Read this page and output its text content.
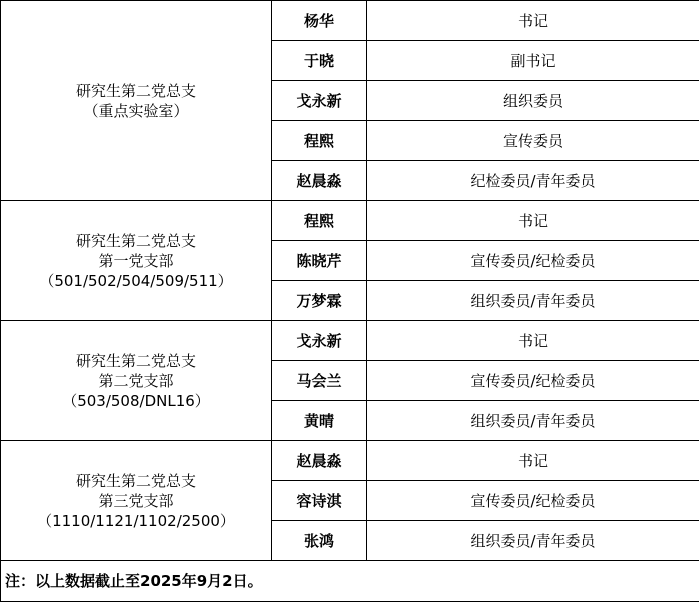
研究生第二党总支
（重点实验室）	杨华	书记
	于晓	副书记
	戈永新	组织委员
	程熙	宣传委员
	赵晨淼	纪检委员/青年委员

研究生第二党总支
第一党支部
（501/502/504/509/511）	程熙	书记
	陈晓芹	宣传委员/纪检委员
	万梦霖	组织委员/青年委员

研究生第二党总支
第二党支部
（503/508/DNL16）	戈永新	书记
	马会兰	宣传委员/纪检委员
	黄晴	组织委员/青年委员

研究生第二党总支
第三党支部
（1110/1121/1102/2500）	赵晨淼	书记
	容诗淇	宣传委员/纪检委员
	张鸿	组织委员/青年委员
注：以上数据截止至2025年9月2日。		
